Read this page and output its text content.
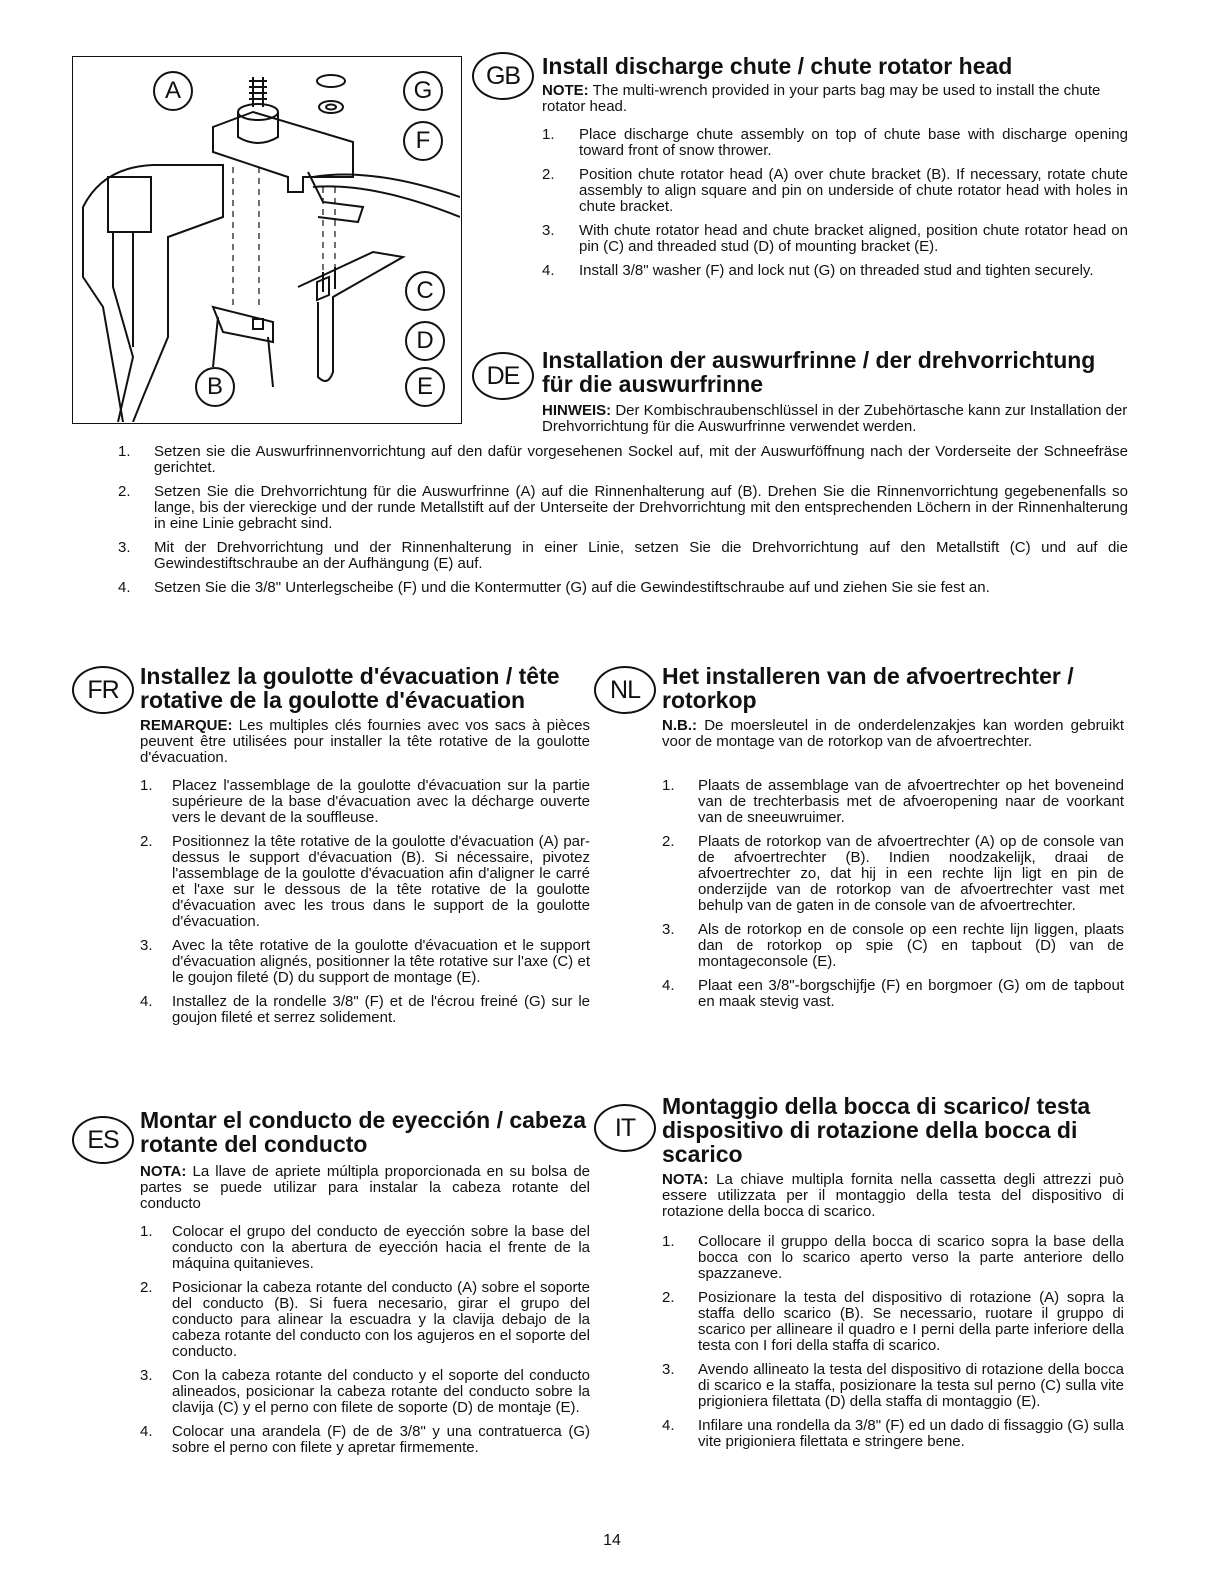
A	G
F
C
D
B	E
GB Install discharge chute / chute rotator head

NOTE: The multi-wrench provided in your parts bag may be used to install the chute rotator head.

1.	Place discharge chute assembly on top of chute base with discharge opening toward front of snow thrower.
2.	Position chute rotator head (A) over chute bracket (B). If necessary, rotate chute assembly to align square and pin on underside of chute rotator head with holes in chute bracket.
3.	With chute rotator head and chute bracket aligned, position chute rotator head on pin (C) and threaded stud (D) of mounting bracket (E).
4.	Install 3/8" washer (F) and lock nut (G) on threaded stud and tighten securely.
DE
Installation der auswurfrinne / der drehvorrichtung
für die auswurfrinne

HINWEIS: Der Kombischraubenschlüssel in der Zubehörtasche kann zur Installation der Drehvorrichtung für die Auswurfrinne verwendet werden.

1.	Setzen sie die Auswurfrinnenvorrichtung auf den dafür vorgesehenen Sockel auf, mit der Auswurföffnung nach der Vorderseite der Schneefräse gerichtet.
2.	Setzen Sie die Drehvorrichtung für die Auswurfrinne (A) auf die Rinnenhalterung auf (B). Drehen Sie die Rinnenvorrichtung gegebenenfalls so lange, bis der viereckige und der runde Metallstift auf der Unterseite der Drehvorrichtung mit den entsprechenden Löchern in der Rinnenhalterung in eine Linie gebracht sind.
3.	Mit der Drehvorrichtung und der Rinnenhalterung in einer Linie, setzen Sie die Drehvorrichtung auf den Metallstift (C) und auf die Gewindestiftschraube an der Aufhängung (E) auf.
4.	Setzen Sie die 3/8" Unterlegscheibe (F) und die Kontermutter (G) auf die Gewindestiftschraube auf und ziehen Sie sie fest an.
FR Installez la goulotte d'évacuation / tête rotative de la goulotte d'évacuation

REMARQUE: Les multiples clés fournies avec vos sacs à pièces peuvent être utilisées pour installer la tête rotative de la goulotte d'évacuation.

1.	Placez l'assemblage de la goulotte d'évacuation sur la partie supérieure de la base d'évacuation avec la décharge ouverte vers le devant de la souffleuse.
2.	Positionnez la tête rotative de la goulotte d'évacuation (A) par-dessus le support d'évacuation (B). Si nécessaire, pivotez l'assemblage de la goulotte d'évacuation afin d'aligner le carré et l'axe sur le dessous de la tête rotative de la goulotte d'évacuation avec les trous dans le support de la goulotte d'évacuation.
3.	Avec la tête rotative de la goulotte d'évacuation et le support d'évacuation alignés, positionner la tête rotative sur l'axe (C) et le goujon fileté (D) du support de montage (E).
4.	Installez de la rondelle 3/8" (F) et de l'écrou freiné (G) sur le goujon fileté et serrez solidement.
NL Het installeren van de afvoertrechter / rotorkop

N.B.: De moersleutel in de onderdelenzakjes kan worden gebruikt voor de montage van de rotorkop van de afvoertrechter.

1.	Plaats de assemblage van de afvoertrechter op het boveneind van de trechterbasis met de afvoeropening naar de voorkant van de sneeuwruimer.
2.	Plaats de rotorkop van de afvoertrechter (A) op de console van de afvoertrechter (B). Indien noodzakelijk, draai de afvoertrechter zo, dat hij in een rechte lijn ligt en pin de onderzijde van de rotorkop van de afvoertrechter vast met behulp van de gaten in de console van de afvoertrechter.
3.	Als de rotorkop en de console op een rechte lijn liggen, plaats dan de rotorkop op spie (C) en tapbout (D) van de montageconsole (E).
4.	Plaat een 3/8"-borgschijfje (F) en borgmoer (G) om de tapbout en maak stevig vast.
ES
Montar el conducto de eyección / cabeza rotante del conducto

NOTA: La llave de apriete múltipla proporcionada en su bolsa de partes se puede utilizar para instalar la cabeza rotante del conducto

1.	Colocar el grupo del conducto de eyección sobre la base del conducto con la abertura de eyección hacia el frente de la máquina quitanieves.
2.	Posicionar la cabeza rotante del conducto (A) sobre el soporte del conducto (B). Si fuera necesario, girar el grupo del conducto para alinear la escuadra y la clavija debajo de la cabeza rotante del conducto con los agujeros en el soporte del conducto.
3.	Con la cabeza rotante del conducto y el soporte del conducto alineados, posicionar la cabeza rotante del conducto sobre la clavija (C) y el perno con filete de soporte (D) de montaje (E).
4.	Colocar una arandela (F) de de 3/8" y una contratuerca (G) sobre el perno con filete y apretar firmemente.
IT
Montaggio della bocca di scarico/ testa dispositivo di rotazione della bocca di scarico

NOTA: La chiave multipla fornita nella cassetta degli attrezzi può essere utilizzata per il montaggio della testa del dispositivo di rotazione della bocca di scarico.

1.	Collocare il gruppo della bocca di scarico sopra la base della bocca con lo scarico aperto verso la parte anteriore dello spazzaneve.
2.	Posizionare la testa del dispositivo di rotazione (A) sopra la staffa dello scarico (B). Se necessario, ruotare il gruppo di scarico per allineare il quadro e I perni della parte inferiore della testa con I fori della staffa di scarico.
3.	Avendo allineato la testa del dispositivo di rotazione della bocca di scarico e la staffa, posizionare la testa sul perno (C) sulla vite prigioniera filettata (D) della staffa di montaggio (E).
4.	Infilare una rondella da 3/8" (F) ed un dado di fissaggio (G) sulla vite prigioniera filettata e stringere bene.
14
